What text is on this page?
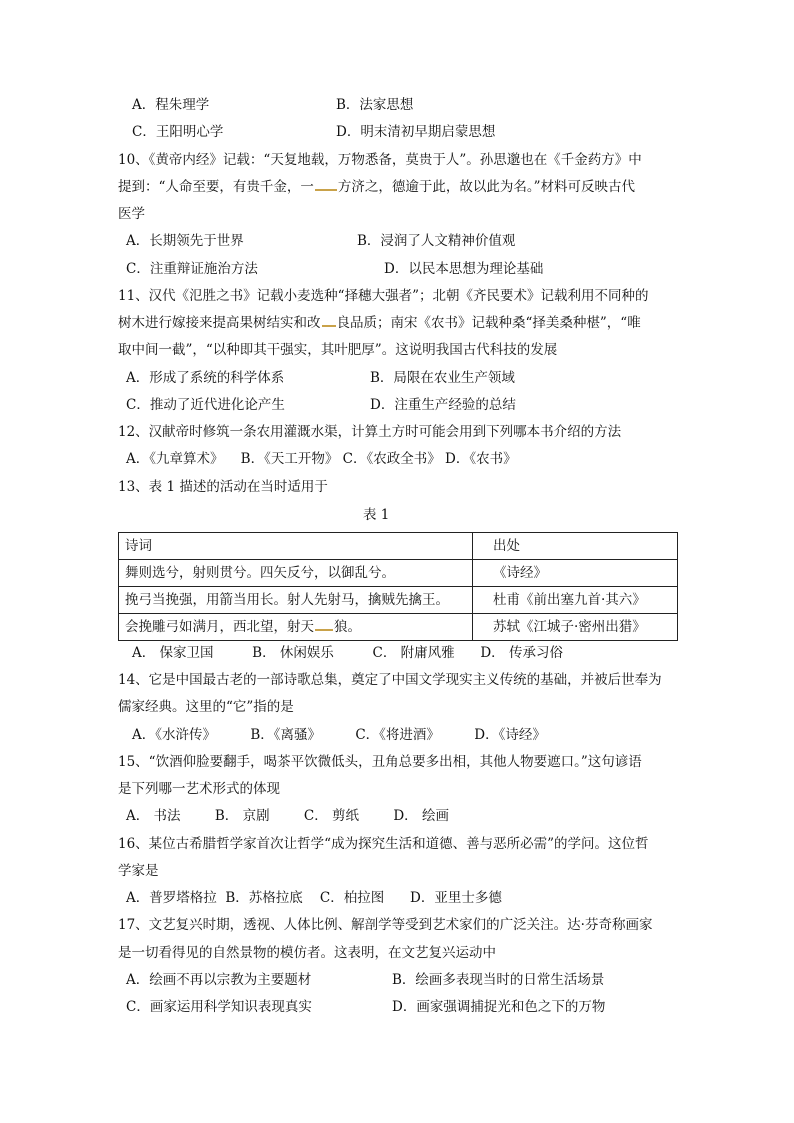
A．程朱理学	B．法家思想
C．王阳明心学	D．明末清初早期启蒙思想
10、《黄帝内经》记载：“天复地载，万物悉备，莫贵于人”。孙思邈也在《千金药方》中
提到：“人命至要，有贵千金，一 方济之，德逾于此，故以此为名。”材料可反映古代
医学
A．长期领先于世界	B．浸润了人文精神价值观
C．注重辩证施治方法	D．以民本思想为理论基础
11、汉代《氾胜之书》记载小麦选种“择穗大强者”；北朝《齐民要术》记载利用不同种的
树木进行嫁接来提高果树结实和改 良品质；南宋《农书》记载种桑“择美桑种椹”，“唯
取中间一截”，“以种即其干强实，其叶肥厚”。这说明我国古代科技的发展
A．形成了系统的科学体系	B．局限在农业生产领域
C．推动了近代进化论产生	D．注重生产经验的总结
12、汉献帝时修筑一条农用灌溉水渠，计算土方时可能会用到下列哪本书介绍的方法
A．《九章算术》    B．《天工开物》 C．《农政全书》 D．《农书》
13、表 1 描述的活动在当时适用于
表 1
诗词	出处
舞则选兮，射则贯兮。四矢反兮，以御乱兮。	《诗经》
挽弓当挽强，用箭当用长。射人先射马，擒贼先擒王。	杜甫《前出塞九首·其六》
会挽雕弓如满月，西北望，射天 狼。	苏轼《江城子·密州出猎》
A． 保家卫国         B． 休闲娱乐         C． 附庸风雅      D． 传承习俗
14、它是中国最古老的一部诗歌总集，奠定了中国文学现实主义传统的基础，并被后世奉为
儒家经典。这里的“它”指的是
A．《水浒传》        B．《离骚》        C．《将进酒》        D．《诗经》
15、“饮酒仰脸要翻手，喝茶平饮微低头，丑角总要多出相，其他人物要遮口。”这句谚语
是下列哪一艺术形式的体现
A． 书法        B． 京剧        C． 剪纸        D． 绘画
16、某位古希腊哲学家首次让哲学“成为探究生活和道德、善与恶所必需”的学问。这位哲
学家是
A．普罗塔格拉  B．苏格拉底    C．柏拉图      D．亚里士多德
17、文艺复兴时期，透视、人体比例、解剖学等受到艺术家们的广泛关注。达·芬奇称画家
是一切看得见的自然景物的模仿者。这表明，在文艺复兴运动中
A．绘画不再以宗教为主要题材	B．绘画多表现当时的日常生活场景
C．画家运用科学知识表现真实	D．画家强调捕捉光和色之下的万物
